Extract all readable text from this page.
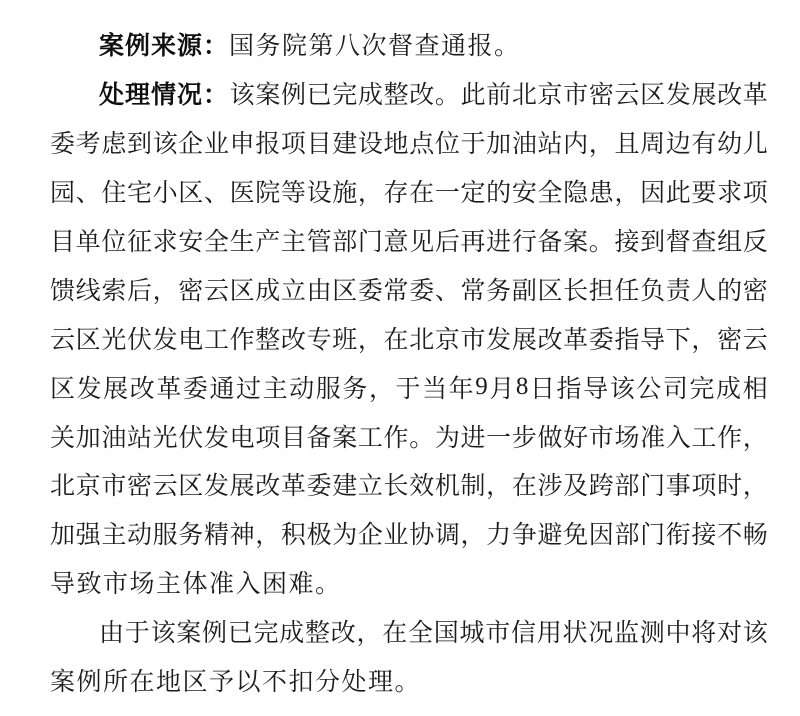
案例来源： 国务院第八次督查通报。
处理情况： 该 案 例 已 完 成 整 改 。 此 前 北 京 市 密 云 区 发 展 改 革
委 考 虑 到 该 企 业 申 报 项 目 建 设 地 点 位 于 加 油 站 内 ， 且 周 边 有 幼 儿
园 、 住 宅 小 区 、 医 院 等 设 施 ， 存 在 一 定 的 安 全 隐 患 ， 因 此 要 求 项
目 单 位 征 求 安 全 生 产 主 管 部 门 意 见 后 再 进 行 备 案 。 接 到 督 查 组 反
馈 线 索 后 ， 密 云 区 成 立 由 区 委 常 委 、 常 务 副 区 长 担 任 负 责 人 的 密
云 区 光 伏 发 电 工 作 整 改 专 班 ， 在 北 京 市 发 展 改 革 委 指 导 下 ， 密 云
区 发 展 改 革 委 通 过 主 动 服 务 ， 于 当 年 9 月 8 日 指 导 该 公 司 完 成 相
关 加 油 站 光 伏 发 电 项 目 备 案 工 作 。 为 进 一 步 做 好 市 场 准 入 工 作 ，
北 京 市 密 云 区 发 展 改 革 委 建 立 长 效 机 制 ， 在 涉 及 跨 部 门 事 项 时 ，
加 强 主 动 服 务 精 神 ， 积 极 为 企 业 协 调 ， 力 争 避 免 因 部 门 衔 接 不 畅
导致市场主体准入困难。
由 于 该 案 例 已 完 成 整 改 ， 在 全 国 城 市 信 用 状 况 监 测 中 将 对 该
案例所在地区予以不扣分处理。
